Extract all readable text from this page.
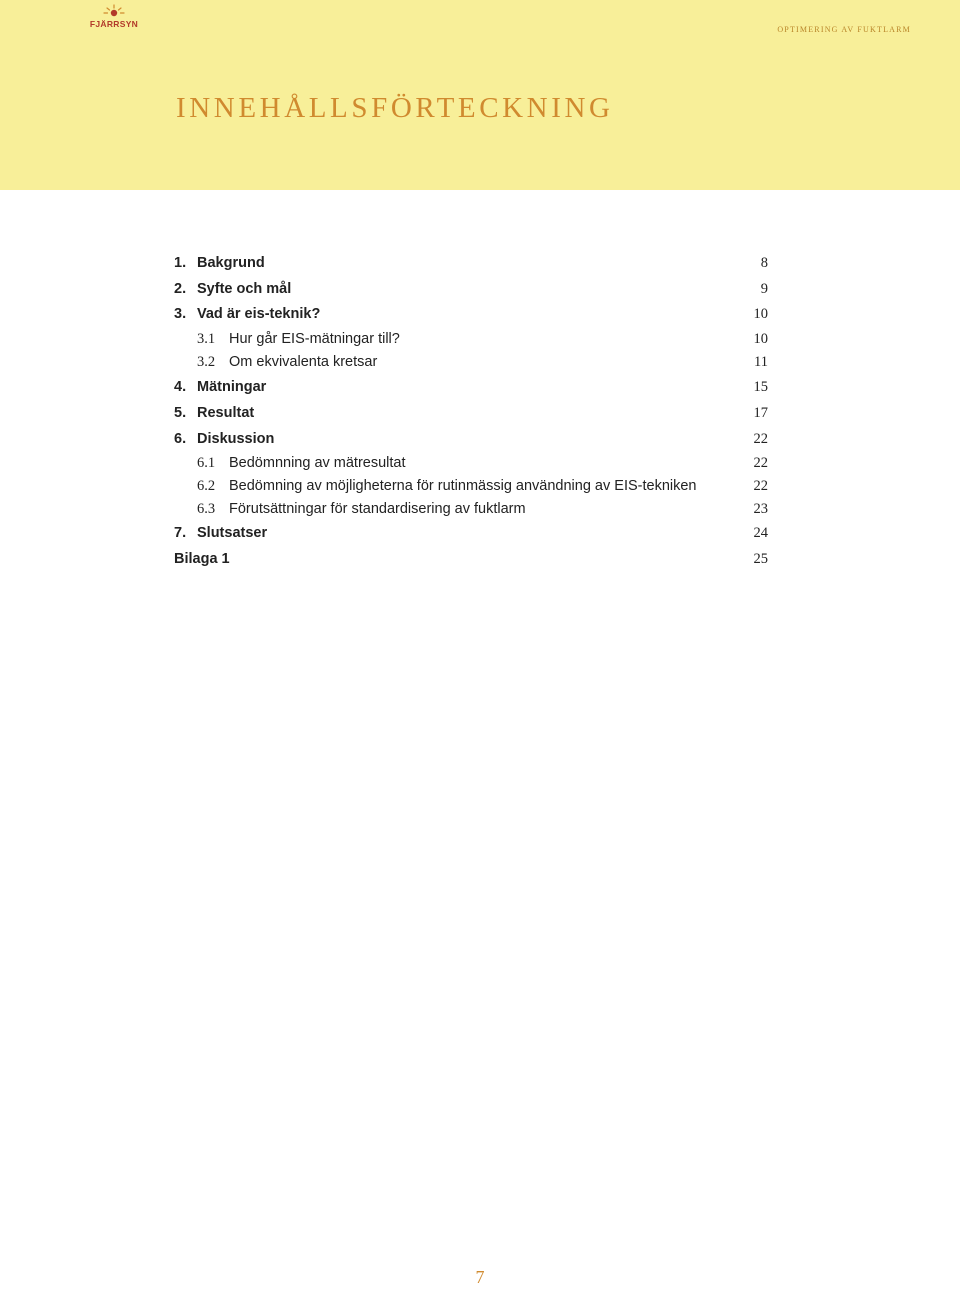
FJÄRRSYN
OPTIMERING AV FUKTLARM
INNEHÅLLSFÖRTECKNING
1. Bakgrund	8
2. Syfte och mål	9
3. Vad är eis-teknik?	10
3.1 Hur går EIS-mätningar till?	10
3.2 Om ekvivalenta kretsar	11
4. Mätningar	15
5. Resultat	17
6. Diskussion	22
6.1 Bedömnning av mätresultat	22
6.2 Bedömning av möjligheterna för rutinmässig användning av EIS-tekniken	22
6.3 Förutsättningar för standardisering av fuktlarm	23
7. Slutsatser	24
Bilaga 1	25
7
